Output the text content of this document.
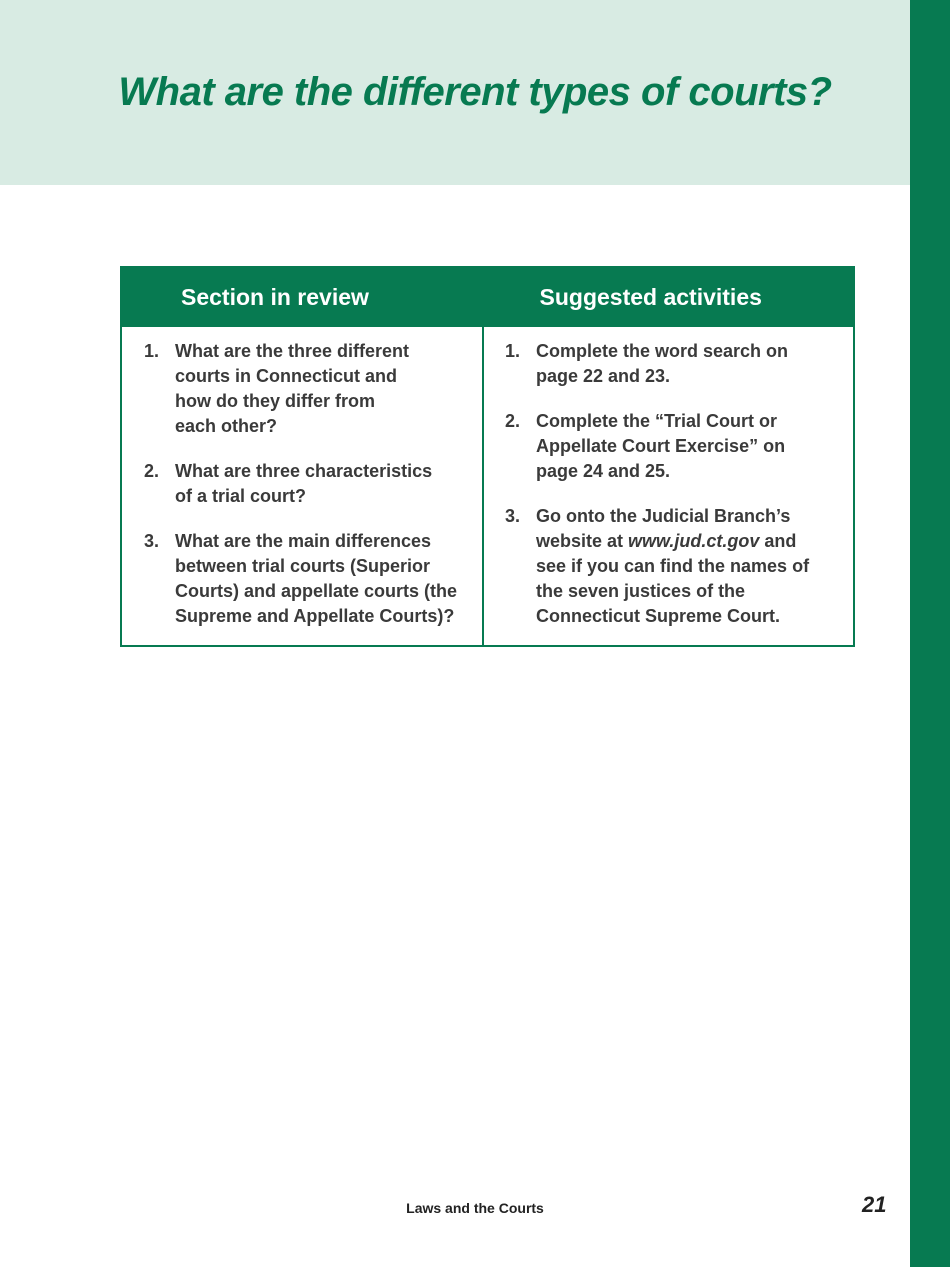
What are the different types of courts?
Section in review	Suggested activities
1. What are the three different
courts in Connecticut and
how do they differ from
each other?
2. What are three characteristics
of a trial court?
3. What are the main differences
between trial courts (Superior
Courts) and appellate courts (the
Supreme and Appellate Courts)?
1. Complete the word search on
page 22 and 23.
2. Complete the “Trial Court or
Appellate Court Exercise” on
page 24 and 25.
3. Go onto the Judicial Branch’s
website at www.jud.ct.gov and
see if you can find the names of
the seven justices of the
Connecticut Supreme Court.
Laws and the Courts	21
